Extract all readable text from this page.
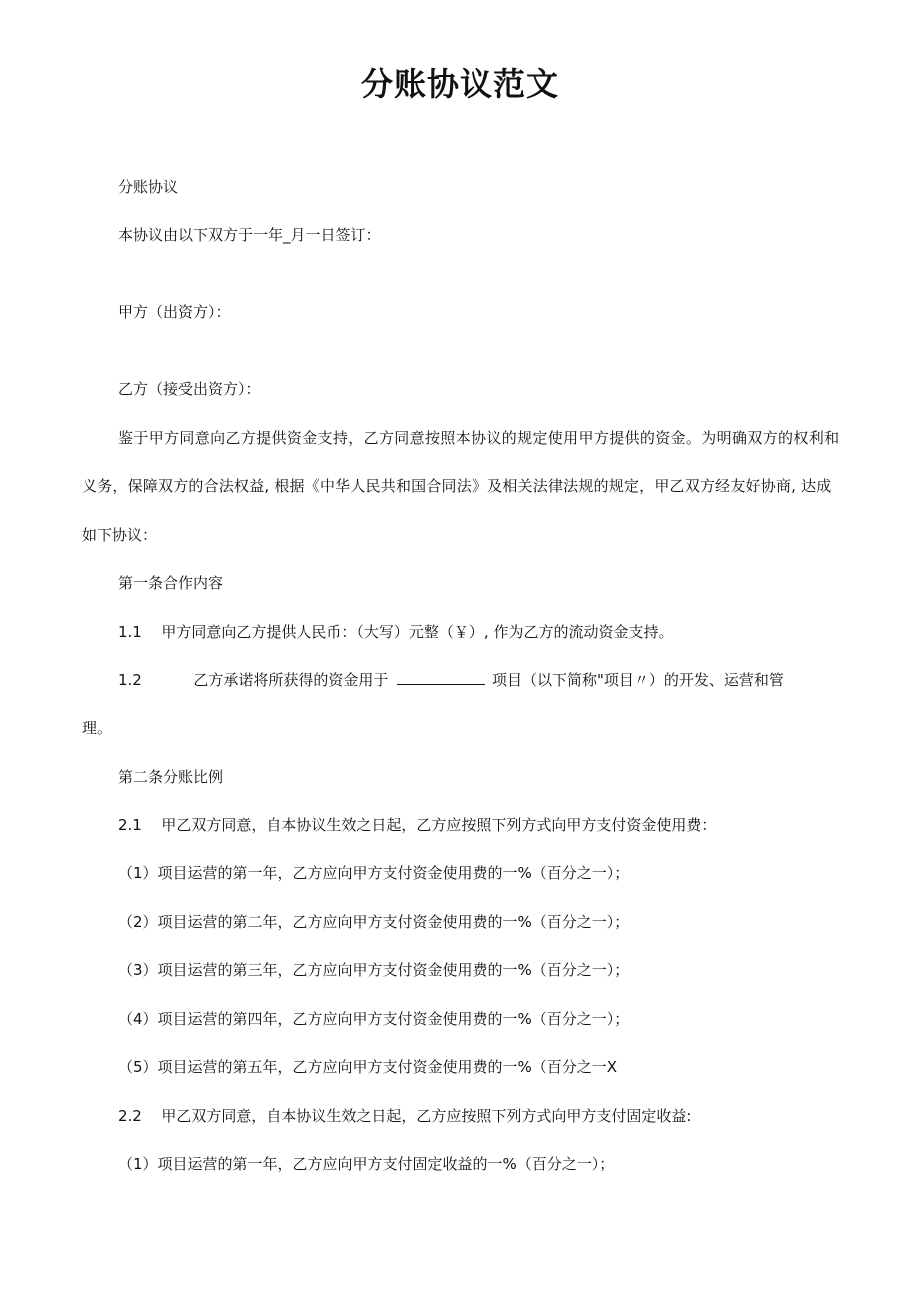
分账协议范文
分账协议
本协议由以下双方于一年_月一日签订：
甲方（出资方）：
乙方（接受出资方）：
鉴于甲方同意向乙方提供资金支持，乙方同意按照本协议的规定使用甲方提供的资金。为明确双方的权利和
义务，保障双方的合法权益, 根据《中华人民共和国合同法》及相关法律法规的规定，甲乙双方经友好协商, 达成
如下协议：
第一条合作内容
1.1 甲方同意向乙方提供人民币：（大写）元整（￥）, 作为乙方的流动资金支持。
1.2	乙方承诺将所获得的资金用于	项目（以下简称"项目〃）的开发、运营和管
理。
第二条分账比例
2.1 甲乙双方同意，自本协议生效之日起，乙方应按照下列方式向甲方支付资金使用费：
（1）项目运营的第一年，乙方应向甲方支付资金使用费的一%（百分之一）；
（2）项目运营的第二年，乙方应向甲方支付资金使用费的一%（百分之一）；
（3）项目运营的第三年，乙方应向甲方支付资金使用费的一%（百分之一）；
（4）项目运营的第四年，乙方应向甲方支付资金使用费的一%（百分之一）；
（5）项目运营的第五年，乙方应向甲方支付资金使用费的一%（百分之一X
2.2 甲乙双方同意，自本协议生效之日起，乙方应按照下列方式向甲方支付固定收益:
（1）项目运营的第一年，乙方应向甲方支付固定收益的一%（百分之一）；
